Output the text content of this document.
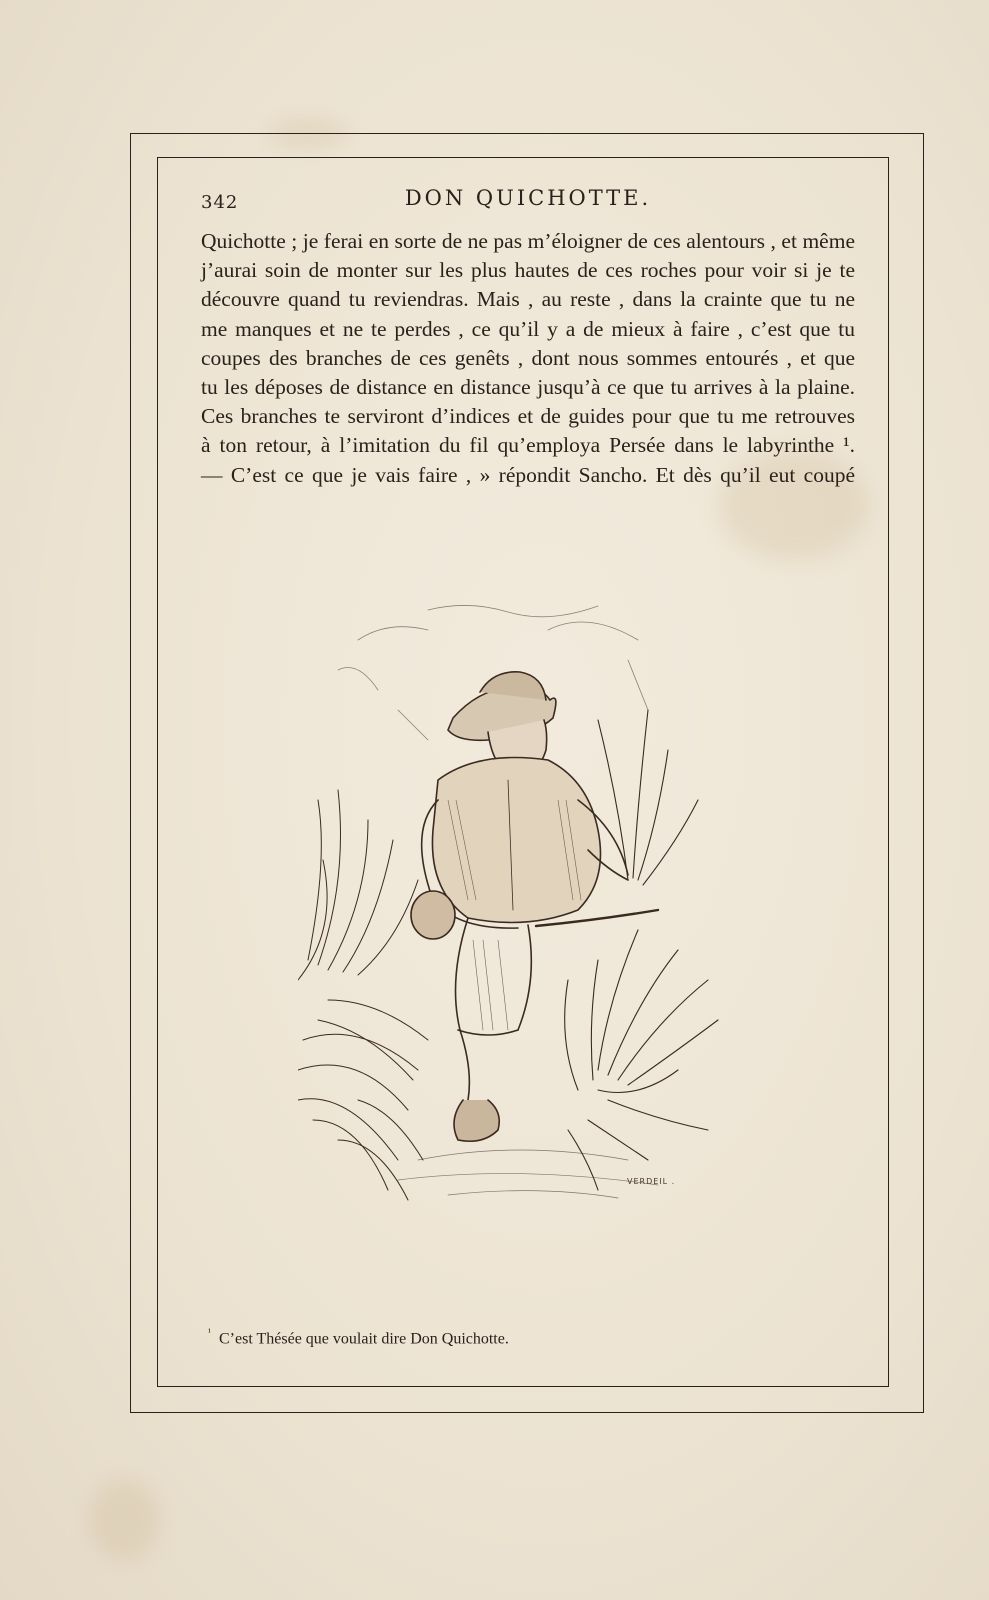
342	DON QUICHOTTE.
Quichotte ; je ferai en sorte de ne pas m’éloigner de ces alentours , et même
j’aurai soin de monter sur les plus hautes de ces roches pour voir si je te
découvre quand tu reviendras. Mais , au reste , dans la crainte que tu ne
me manques et ne te perdes , ce qu’il y a de mieux à faire , c’est que tu
coupes des branches de ces genêts , dont nous sommes entourés , et que
tu les déposes de distance en distance jusqu’à ce que tu arrives à la plaine.
Ces branches te serviront d’indices et de guides pour que tu me retrouves
à ton retour, à l’imitation du fil qu’employa Persée dans le labyrinthe ¹.
— C’est ce que je vais faire , » répondit Sancho. Et dès qu’il eut coupé
VERDEIL .
$^{^1}$ C’est Thésée que voulait dire Don Quichotte.
